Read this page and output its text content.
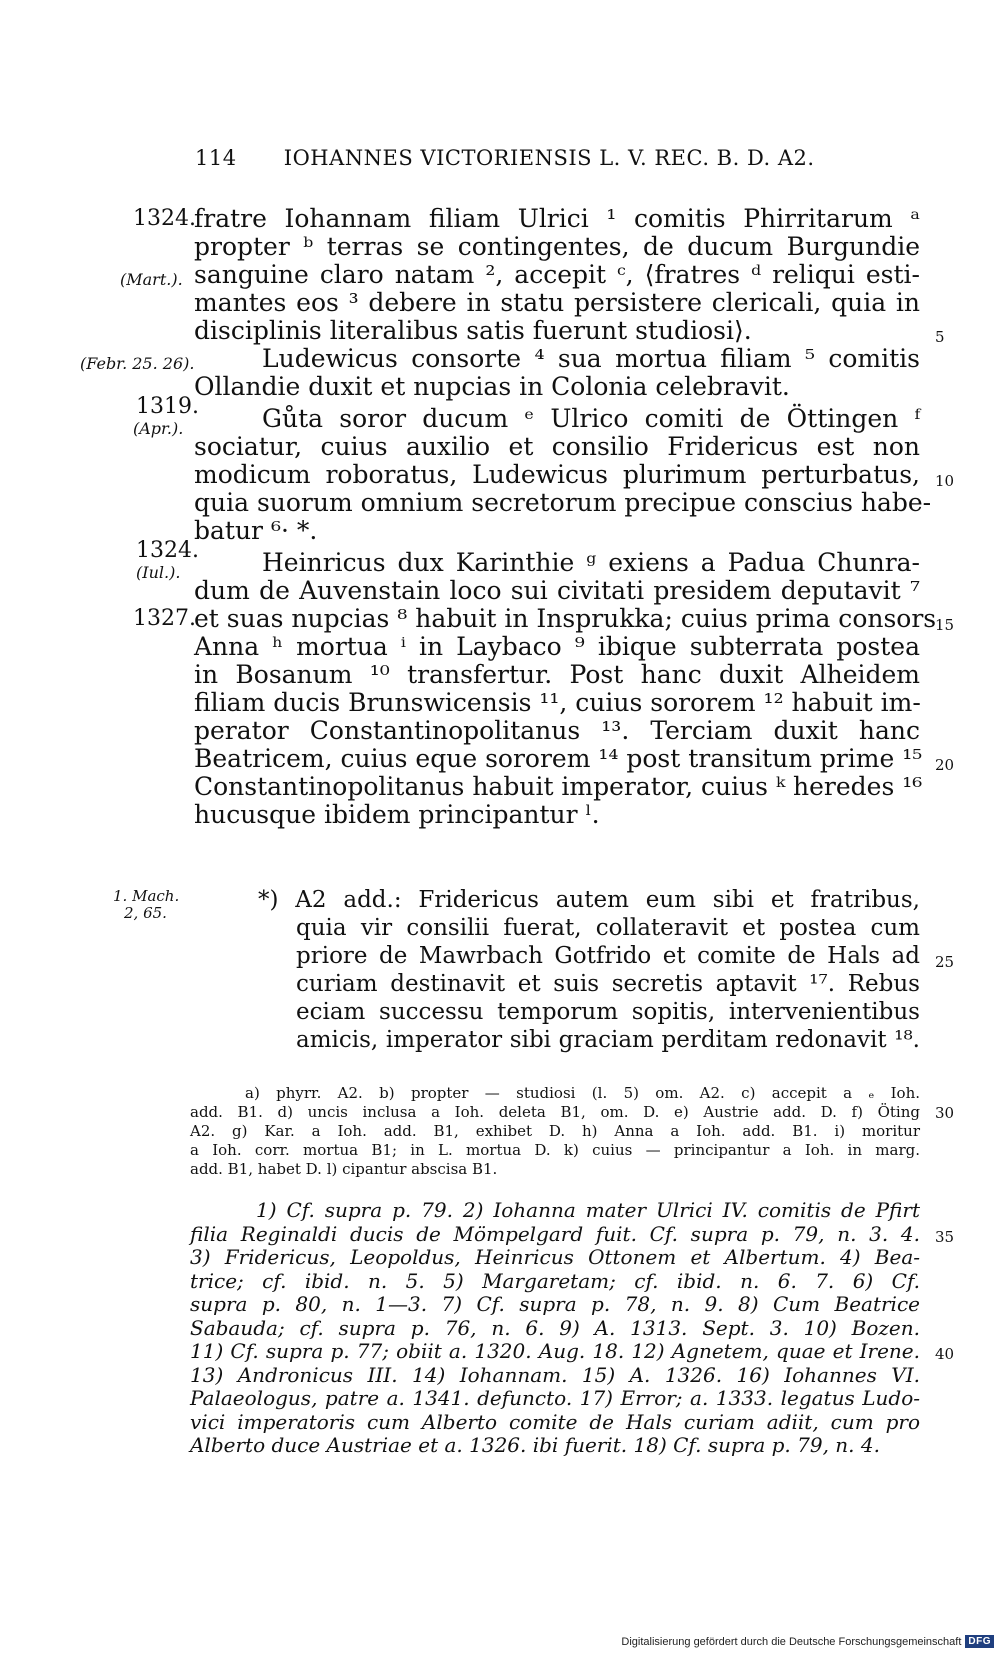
114 IOHANNES VICTORIENSIS L. V. REC. B. D. A2.
1324.
fratre Iohannam filiam Ulrici ¹ comitis Phirritarum ᵃ
propter ᵇ terras se contingentes, de ducum Burgundie
(Mart.). sanguine claro natam ², accepit ᶜ, ⟨fratres ᵈ reliqui esti-
mantes eos ³ debere in statu persistere clericali, quia in
disciplinis literalibus satis fuerunt studiosi⟩.	5
(Febr. 25. 26).	Ludewicus consorte ⁴ sua mortua filiam ⁵ comitis
Ollandie duxit et nupcias in Colonia celebravit.
1319.
(Apr.).	Gůta soror ducum ᵉ Ulrico comiti de Öttingen ᶠ
sociatur, cuius auxilio et consilio Fridericus est non
modicum roboratus, Ludewicus plurimum perturbatus, 10
quia suorum omnium secretorum precipue conscius habe-
batur ⁶· *.
1324.
(Iul.).	Heinricus dux Karinthie ᵍ exiens a Padua Chunra-
dum de Auvenstain loco sui civitati presidem deputavit ⁷
1327.
et suas nupcias ⁸ habuit in Insprukka; cuius prima consors
15
Anna ʰ mortua ⁱ in Laybaco ⁹ ibique subterrata postea
in Bosanum ¹⁰ transfertur. Post hanc duxit Alheidem
filiam ducis Brunswicensis ¹¹, cuius sororem ¹² habuit im-
perator Constantinopolitanus ¹³. Terciam duxit hanc
Beatricem, cuius eque sororem ¹⁴ post transitum prime ¹⁵ 20
Constantinopolitanus habuit imperator, cuius ᵏ heredes ¹⁶
hucusque ibidem principantur ˡ.
1. Mach.
2, 65.	*) A2 add.: Fridericus autem eum sibi et fratribus,
quia vir consilii fuerat, collateravit et postea cum
priore de Mawrbach Gotfrido et comite de Hals ad 25
curiam destinavit et suis secretis aptavit ¹⁷. Rebus
eciam successu temporum sopitis, intervenientibus
amicis, imperator sibi graciam perditam redonavit ¹⁸.
a) phyrr. A2. b) propter — studiosi (l. 5) om. A2. c) accepit a ₑ Ioh.
add. B1. d) uncis inclusa a Ioh. deleta B1, om. D. e) Austrie add. D. f) Öting 30
A2. g) Kar. a Ioh. add. B1, exhibet D. h) Anna a Ioh. add. B1. i) moritur
a Ioh. corr. mortua B1; in L. mortua D. k) cuius — principantur a Ioh. in marg.
add. B1, habet D. l) cipantur abscisa B1.
1) Cf. supra p. 79. 2) Iohanna mater Ulrici IV. comitis de Pfirt
filia Reginaldi ducis de Mömpelgard fuit. Cf. supra p. 79, n. 3. 4. 35
3) Fridericus, Leopoldus, Heinricus Ottonem et Albertum. 4) Bea-
trice; cf. ibid. n. 5. 5) Margaretam; cf. ibid. n. 6. 7. 6) Cf.
supra p. 80, n. 1—3. 7) Cf. supra p. 78, n. 9. 8) Cum Beatrice
Sabauda; cf. supra p. 76, n. 6. 9) A. 1313. Sept. 3. 10) Bozen.
11) Cf. supra p. 77; obiit a. 1320. Aug. 18. 12) Agnetem, quae et Irene. 40
13) Andronicus III. 14) Iohannam. 15) A. 1326. 16) Iohannes VI.
Palaeologus, patre a. 1341. defuncto. 17) Error; a. 1333. legatus Ludo-
vici imperatoris cum Alberto comite de Hals curiam adiit, cum pro
Alberto duce Austriae et a. 1326. ibi fuerit. 18) Cf. supra p. 79, n. 4.
Digitalisierung gefördert durch die Deutsche Forschungsgemeinschaft DFG
